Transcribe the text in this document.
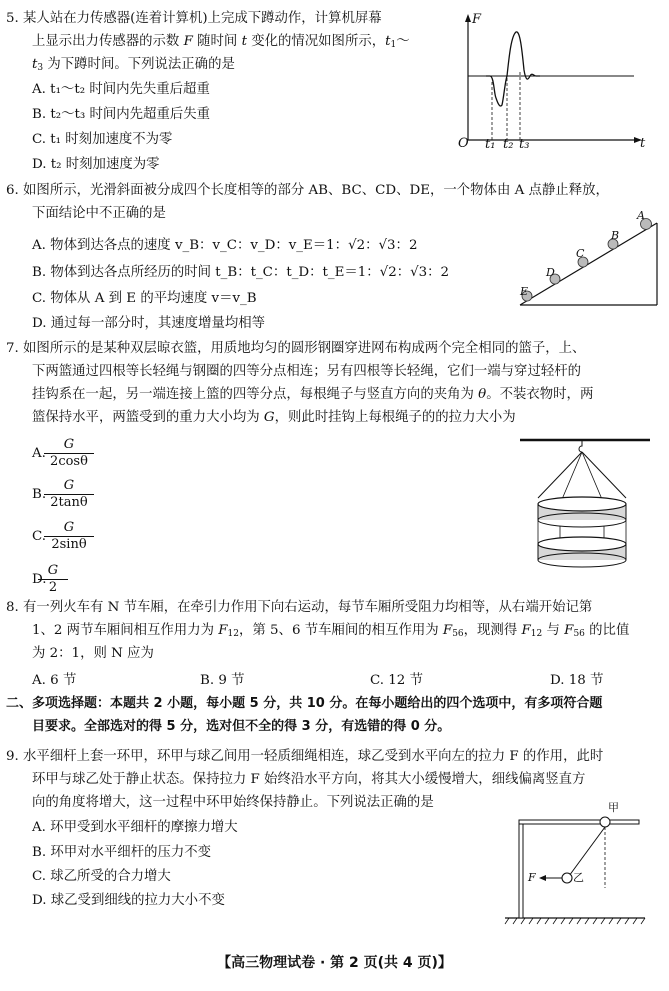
5. 某人站在力传感器(连着计算机)上完成下蹲动作，计算机屏幕
上显示出力传感器的示数 F 随时间 t 变化的情况如图所示，$t_1\sim$
$t_3$ 为下蹲时间。下列说法正确的是
A. t₁～t₂ 时间内先失重后超重
B. t₂～t₃ 时间内先超重后失重
C. t₁ 时刻加速度不为零
D. t₂ 时刻加速度为零
F
t
O t₁ t₂ t₃
6. 如图所示，光滑斜面被分成四个长度相等的部分 AB、BC、CD、DE，一个物体由 A 点静止释放，
下面结论中不正确的是
A. 物体到达各点的速度 v_B：v_C：v_D：v_E＝1：√2：√3：2
B. 物体到达各点所经历的时间 t_B：t_C：t_D：t_E＝1：√2：√3：2
C. 物体从 A 到 E 的平均速度 v＝v_B
D. 通过每一部分时，其速度增量均相等
A
B
C
D
E
7. 如图所示的是某种双层晾衣篮，用质地均匀的圆形钢圈穿进网布构成两个完全相同的篮子，上、
下两篮通过四根等长轻绳与钢圈的四等分点相连；另有四根等长轻绳，它们一端与穿过轻杆的
挂钩系在一起，另一端连接上篮的四等分点，每根绳子与竖直方向的夹角为 θ。不装衣物时，两
篮保持水平，两篮受到的重力大小均为 G，则此时挂钩上每根绳子的的拉力大小为
A.
$\frac{G}{2\cos\theta}$
B.
$\frac{G}{2\tan\theta}$
C.
$\frac{G}{2\sin\theta}$
D.
$\frac{G}{2}$
8. 有一列火车有 N 节车厢，在牵引力作用下向右运动，每节车厢所受阻力均相等，从右端开始记第
1、2 两节车厢间相互作用力为 $F_{12}$，第 5、6 节车厢间的相互作用为 $F_{56}$，现测得 $F_{12}$ 与 $F_{56}$ 的比值
为 2：1，则 N 应为
A. 6 节	B. 9 节	C. 12 节	D. 18 节
二、多项选择题：本题共 2 小题，每小题 5 分，共 10 分。在每小题给出的四个选项中，有多项符合题
目要求。全部选对的得 5 分，选对但不全的得 3 分，有选错的得 0 分。
9. 水平细杆上套一环甲，环甲与球乙间用一轻质细绳相连，球乙受到水平向左的拉力 F 的作用，此时
环甲与球乙处于静止状态。保持拉力 F 始终沿水平方向，将其大小缓慢增大，细线偏离竖直方
向的角度将增大，这一过程中环甲始终保持静止。下列说法正确的是
A. 环甲受到水平细杆的摩擦力增大
B. 环甲对水平细杆的压力不变
C. 球乙所受的合力增大
D. 球乙受到细线的拉力大小不变
甲
乙
F
【高三物理试卷 · 第 2 页(共 4 页)】
